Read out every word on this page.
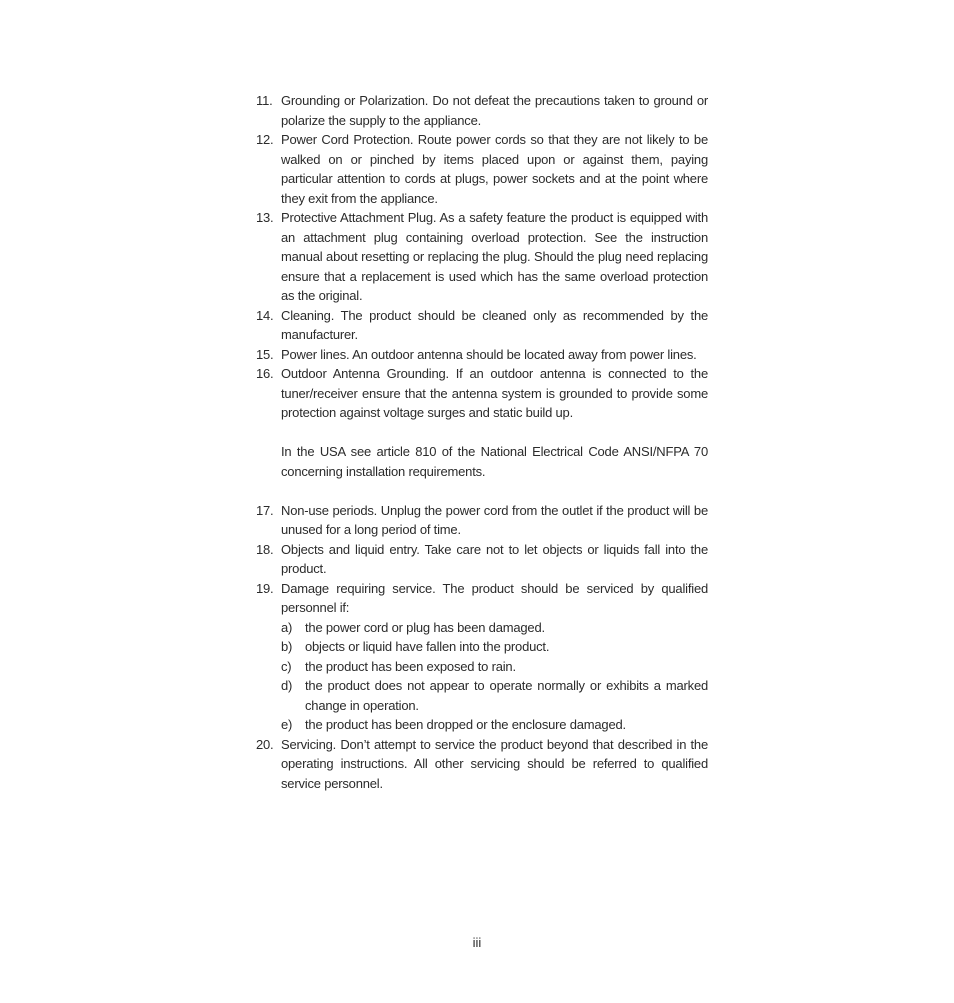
11. Grounding or Polarization. Do not defeat the precautions taken to ground or polarize the supply to the appliance.
12. Power Cord Protection. Route power cords so that they are not likely to be walked on or pinched by items placed upon or against them, paying particular attention to cords at plugs, power sockets and at the point where they exit from the appliance.
13. Protective Attachment Plug. As a safety feature the product is equipped with an attachment plug containing overload protection. See the instruction manual about resetting or replacing the plug. Should the plug need replacing ensure that a replacement is used which has the same overload protection as the original.
14. Cleaning. The product should be cleaned only as recommended by the manufacturer.
15. Power lines. An outdoor antenna should be located away from power lines.
16. Outdoor Antenna Grounding. If an outdoor antenna is connected to the tuner/receiver ensure that the antenna system is grounded to provide some protection against voltage surges and static build up.
In the USA see article 810 of the National Electrical Code ANSI/NFPA 70 concerning installation requirements.
17. Non-use periods. Unplug the power cord from the outlet if the product will be unused for a long period of time.
18. Objects and liquid entry. Take care not to let objects or liquids fall into the product.
19. Damage requiring service. The product should be serviced by qualified personnel if:
a) the power cord or plug has been damaged.
b) objects or liquid have fallen into the product.
c)	the product has been exposed to rain.
d) the product does not appear to operate normally or exhibits a marked change in operation.
e) the product has been dropped or the enclosure damaged.
20. Servicing. Don’t attempt to service the product beyond that described in the operating instructions. All other servicing should be referred to qualified service personnel.
iii
